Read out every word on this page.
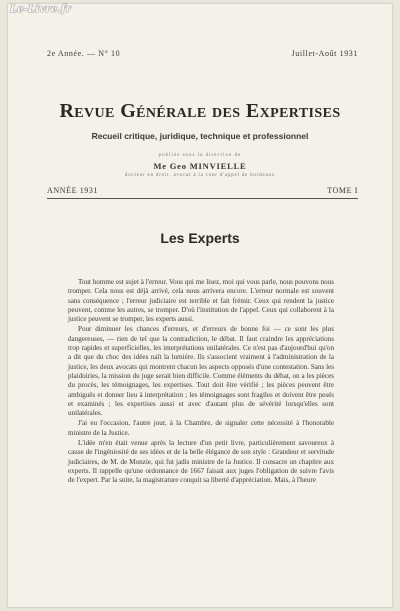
Le-Livre.fr
2e Année. — N° 10	Juillet-Août 1931
Revue Générale des Expertises
Recueil critique, juridique, technique et professionnel
publiée sous la direction de
Me Geo MINVIELLE
docteur en droit, avocat à la cour d'appel de bordeaux
ANNÉE 1931	TOME I
Les Experts

Tout homme est sujet à l'erreur. Vous qui me lisez, moi qui vous parle, nous pouvons nous tromper. Cela nous est déjà arrivé, cela nous arrivera encore. L'erreur normale est souvent sans conséquence ; l'erreur judiciaire est terrible et fait frémir. Ceux qui rendent la justice peuvent, comme les autres, se tromper. D'où l'institution de l'appel. Ceux qui collaborent à la justice peuvent se tromper, les experts aussi.

Pour diminuer les chances d'erreurs, et d'erreurs de bonne foi — ce sont les plus dangereuses, — rien de tel que la contradiction, le débat. Il faut craindre les appréciations trop rapides et superficielles, les interprétations unilatérales. Ce n'est pas d'aujourd'hui qu'on a dit que du choc des idées naît la lumière. Ils s'associent vraiment à l'administration de la justice, les deux avocats qui montrent chacun les aspects opposés d'une contestation. Sans les plaidoiries, la mission du juge serait bien difficile. Comme éléments du débat, on a les pièces du procès, les témoignages, les expertises. Tout doit être vérifié ; les pièces peuvent être ambiguës et donner lieu à interprétation ; les témoignages sont fragiles et doivent être pesés et examinés ; les expertises aussi et avec d'autant plus de sévérité lorsqu'elles sont unilatérales.

J'ai eu l'occasion, l'autre jour, à la Chambre, de signaler cette nécessité à l'honorable ministre de la Justice.

L'idée m'en était venue après la lecture d'un petit livre, particulièrement savoureux à cause de l'ingéniosité de ses idées et de la belle élégance de son style : Grandeur et servitude judiciaires, de M. de Monzie, qui fut jadis ministre de la Justice. Il consacre un chapitre aux experts. Il rappelle qu'une ordonnance de 1667 faisait aux juges l'obligation de suivre l'avis de l'expert. Par la suite, la magistrature conquit sa liberté d'appréciation. Mais, à l'heure
